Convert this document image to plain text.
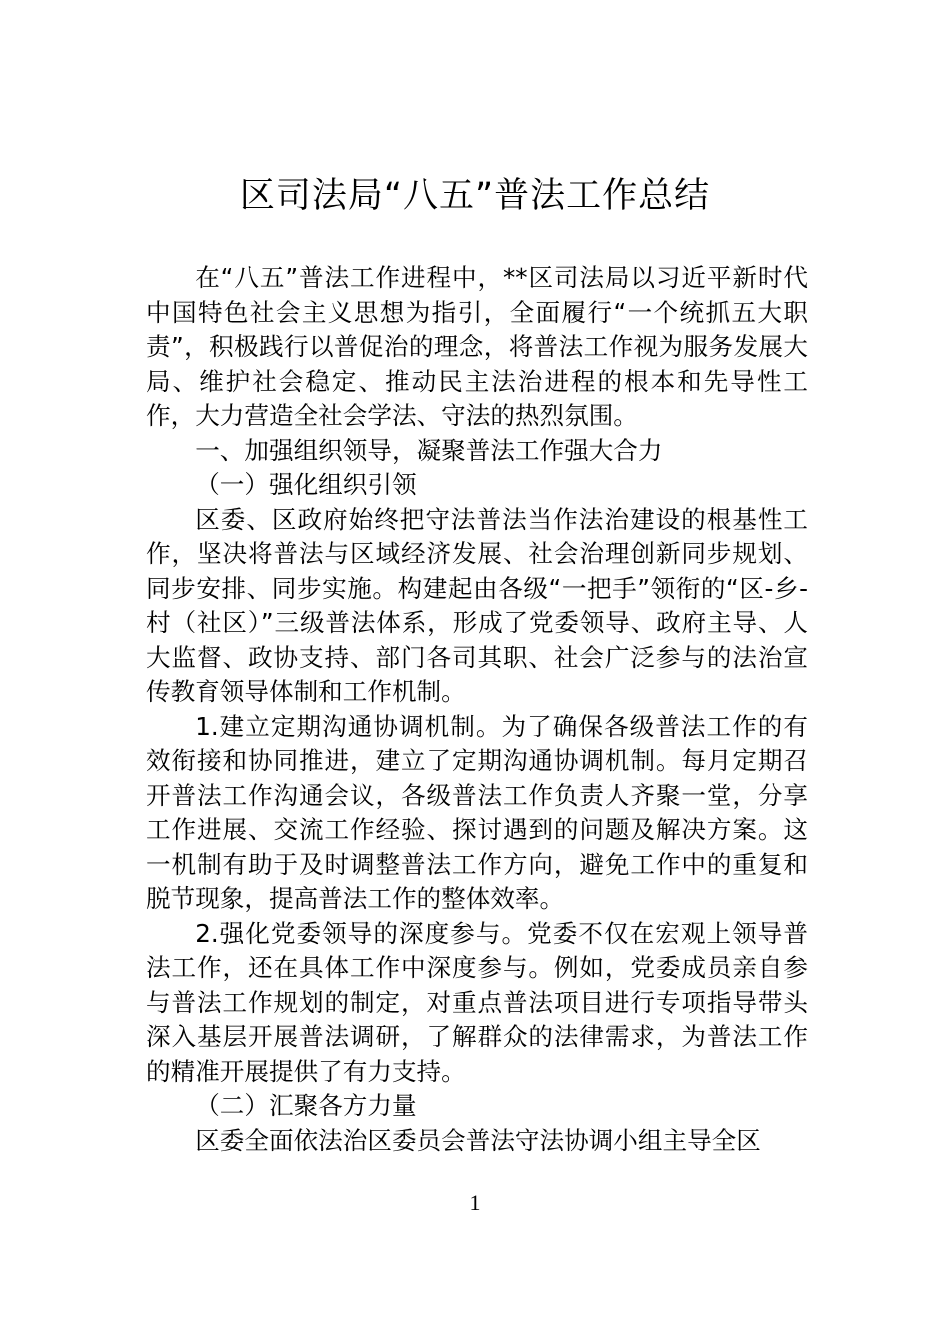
区司法局“八五”普法工作总结

在“八五”普法工作进程中，**区司法局以习近平新时代中国特色社会主义思想为指引，全面履行“一个统抓五大职责”，积极践行以普促治的理念，将普法工作视为服务发展大局、维护社会稳定、推动民主法治进程的根本和先导性工作，大力营造全社会学法、守法的热烈氛围。

一、加强组织领导，凝聚普法工作强大合力

（一）强化组织引领

区委、区政府始终把守法普法当作法治建设的根基性工作，坚决将普法与区域经济发展、社会治理创新同步规划、同步安排、同步实施。构建起由各级“一把手”领衔的“区-乡-村（社区）”三级普法体系，形成了党委领导、政府主导、人大监督、政协支持、部门各司其职、社会广泛参与的法治宣传教育领导体制和工作机制。

1.建立定期沟通协调机制。为了确保各级普法工作的有效衔接和协同推进，建立了定期沟通协调机制。每月定期召开普法工作沟通会议，各级普法工作负责人齐聚一堂，分享工作进展、交流工作经验、探讨遇到的问题及解决方案。这一机制有助于及时调整普法工作方向，避免工作中的重复和脱节现象，提高普法工作的整体效率。

2.强化党委领导的深度参与。党委不仅在宏观上领导普法工作，还在具体工作中深度参与。例如，党委成员亲自参与普法工作规划的制定，对重点普法项目进行专项指导带头深入基层开展普法调研，了解群众的法律需求，为普法工作的精准开展提供了有力支持。

（二）汇聚各方力量

区委全面依法治区委员会普法守法协调小组主导全区

1
